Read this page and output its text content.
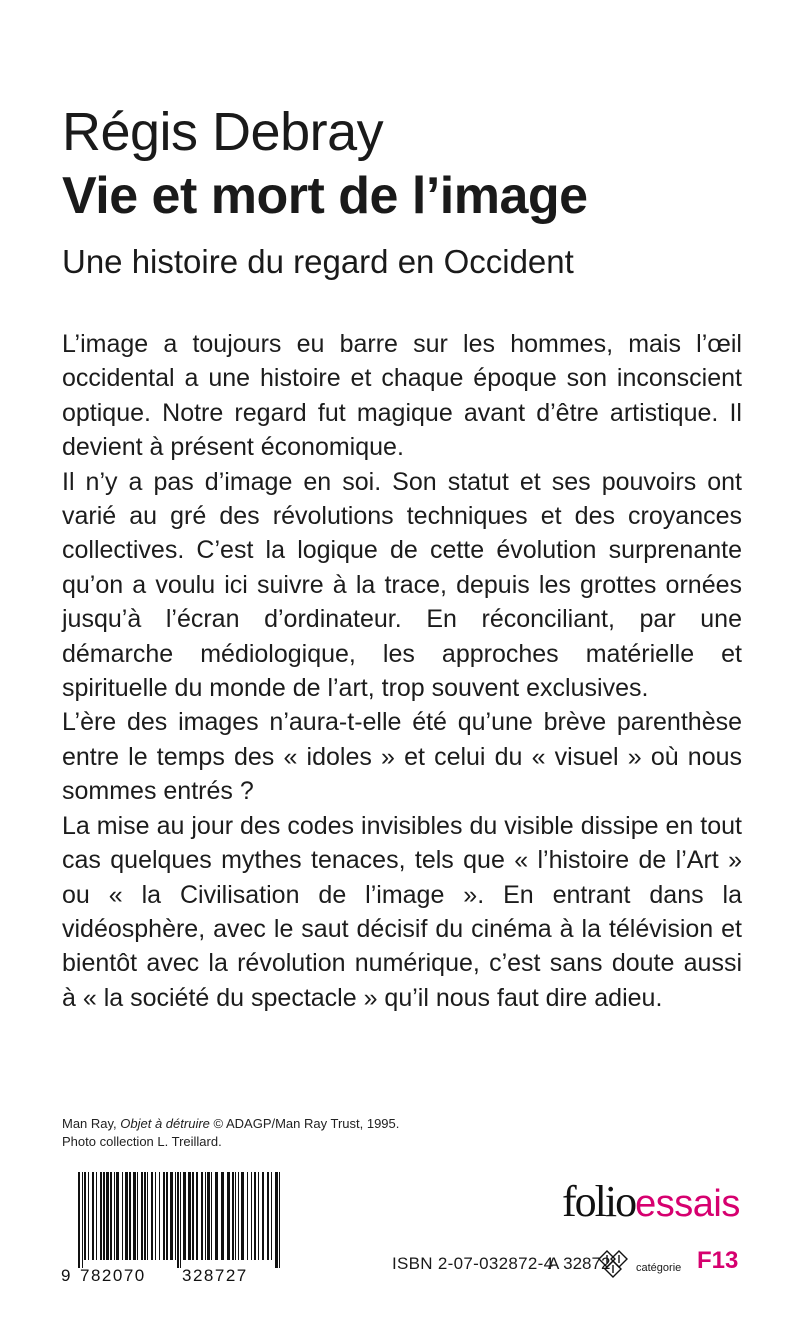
Régis Debray
Vie et mort de l’image
Une histoire du regard en Occident

L’image a toujours eu barre sur les hommes, mais l’œil occidental a une histoire et chaque époque son inconscient optique. Notre regard fut magique avant d’être artistique. Il devient à présent économique.

Il n’y a pas d’image en soi. Son statut et ses pouvoirs ont varié au gré des révolutions techniques et des croyances collectives. C’est la logique de cette évolution surprenante qu’on a voulu ici suivre à la trace, depuis les grottes ornées jusqu’à l’écran d’ordinateur. En réconciliant, par une démarche médiologique, les approches matérielle et spirituelle du monde de l’art, trop souvent exclusives.

L’ère des images n’aura-t-elle été qu’une brève parenthèse entre le temps des « idoles » et celui du « visuel » où nous sommes entrés ?

La mise au jour des codes invisibles du visible dissipe en tout cas quelques mythes tenaces, tels que « l’histoire de l’Art » ou « la Civilisation de l’image ». En entrant dans la vidéosphère, avec le saut décisif du cinéma à la télévision et bientôt avec la révolution numérique, c’est sans doute aussi à « la société du spectacle » qu’il nous faut dire adieu.

Man Ray, Objet à détruire © ADAGP/Man Ray Trust, 1995.
Photo collection L. Treillard.
9 782070 328727
folioessais
ISBN 2-07-032872-4
A 32872 catégorie F13
